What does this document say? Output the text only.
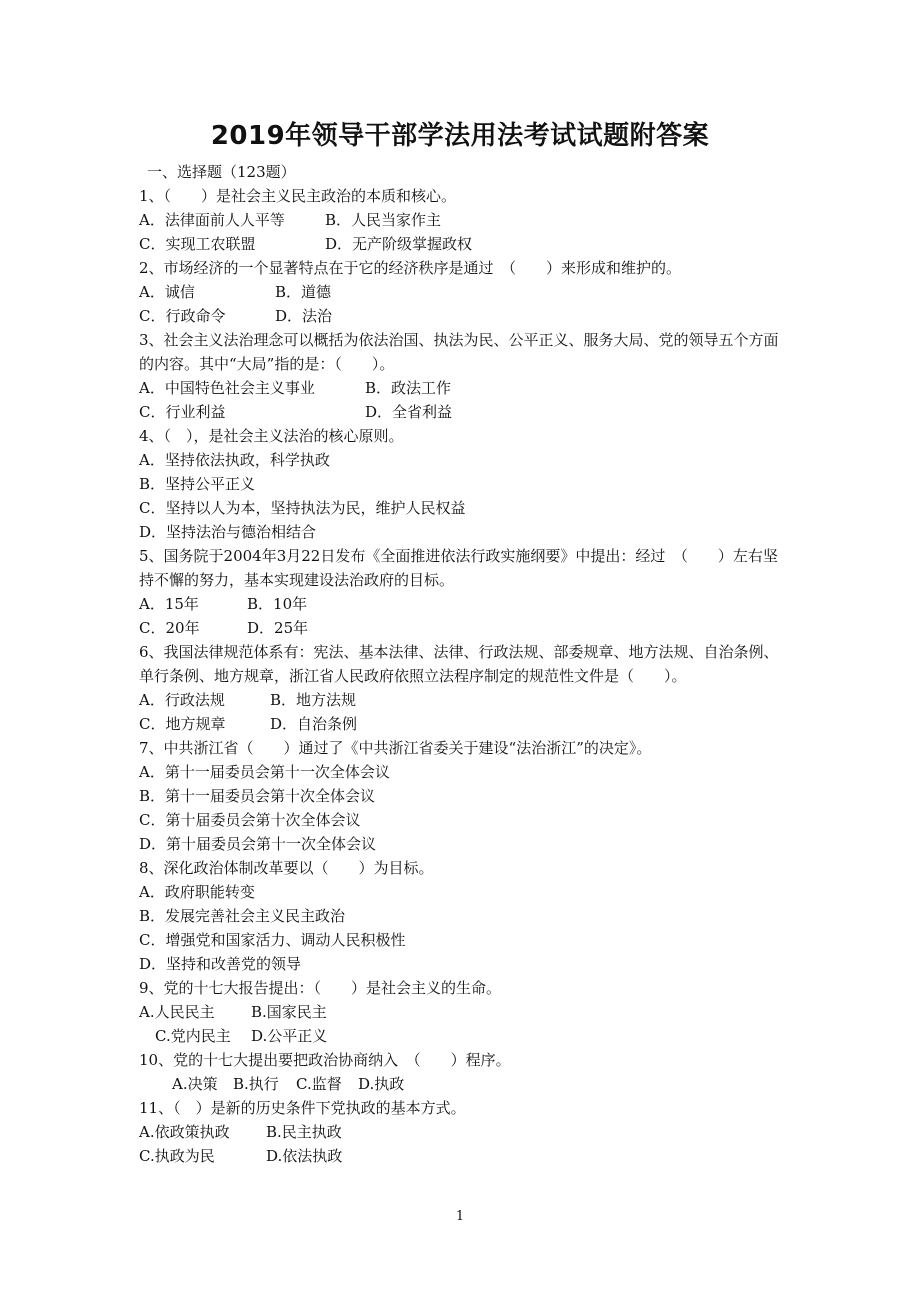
2019年领导干部学法用法考试试题附答案

一、选择题（123题）

1、（　　）是社会主义民主政治的本质和核心。

A．法律面前人人平等	B．人民当家作主
C．实现工农联盟	D．无产阶级掌握政权

2、市场经济的一个显著特点在于它的经济秩序是通过　（　　）来形成和维护的。

A．诚信	B．道德
C．行政命令	D．法治

3、社会主义法治理念可以概括为依法治国、执法为民、公平正义、服务大局、党的领导五个方面的内容。其中“大局”指的是：（　　）。

A．中国特色社会主义事业	B．政法工作
C．行业利益	D．全省利益

4、（　），是社会主义法治的核心原则。

A．坚持依法执政，科学执政
B．坚持公平正义
C．坚持以人为本，坚持执法为民，维护人民权益
D．坚持法治与德治相结合

5、国务院于2004年3月22日发布《全面推进依法行政实施纲要》中提出：经过　（　　）左右坚持不懈的努力，基本实现建设法治政府的目标。

A．15年	B．10年
C．20年	D．25年

6、我国法律规范体系有：宪法、基本法律、法律、行政法规、部委规章、地方法规、自治条例、单行条例、地方规章，浙江省人民政府依照立法程序制定的规范性文件是（　　）。

A．行政法规	B．地方法规
C．地方规章	D．自治条例

7、中共浙江省（　　）通过了《中共浙江省委关于建设“法治浙江”的决定》。

A．第十一届委员会第十一次全体会议
B．第十一届委员会第十次全体会议
C．第十届委员会第十次全体会议
D．第十届委员会第十一次全体会议

8、深化政治体制改革要以（　　）为目标。

A．政府职能转变
B．发展完善社会主义民主政治
C．增强党和国家活力、调动人民积极性
D．坚持和改善党的领导

9、党的十七大报告提出：（　　）是社会主义的生命。

A.人民民主	B.国家民主
C.党内民主	D.公平正义

10、党的十七大提出要把政治协商纳入　（　　）程序。

A.决策	B.执行	C.监督	D.执政

11、（　）是新的历史条件下党执政的基本方式。

A.依政策执政	B.民主执政
C.执政为民	D.依法执政
1
